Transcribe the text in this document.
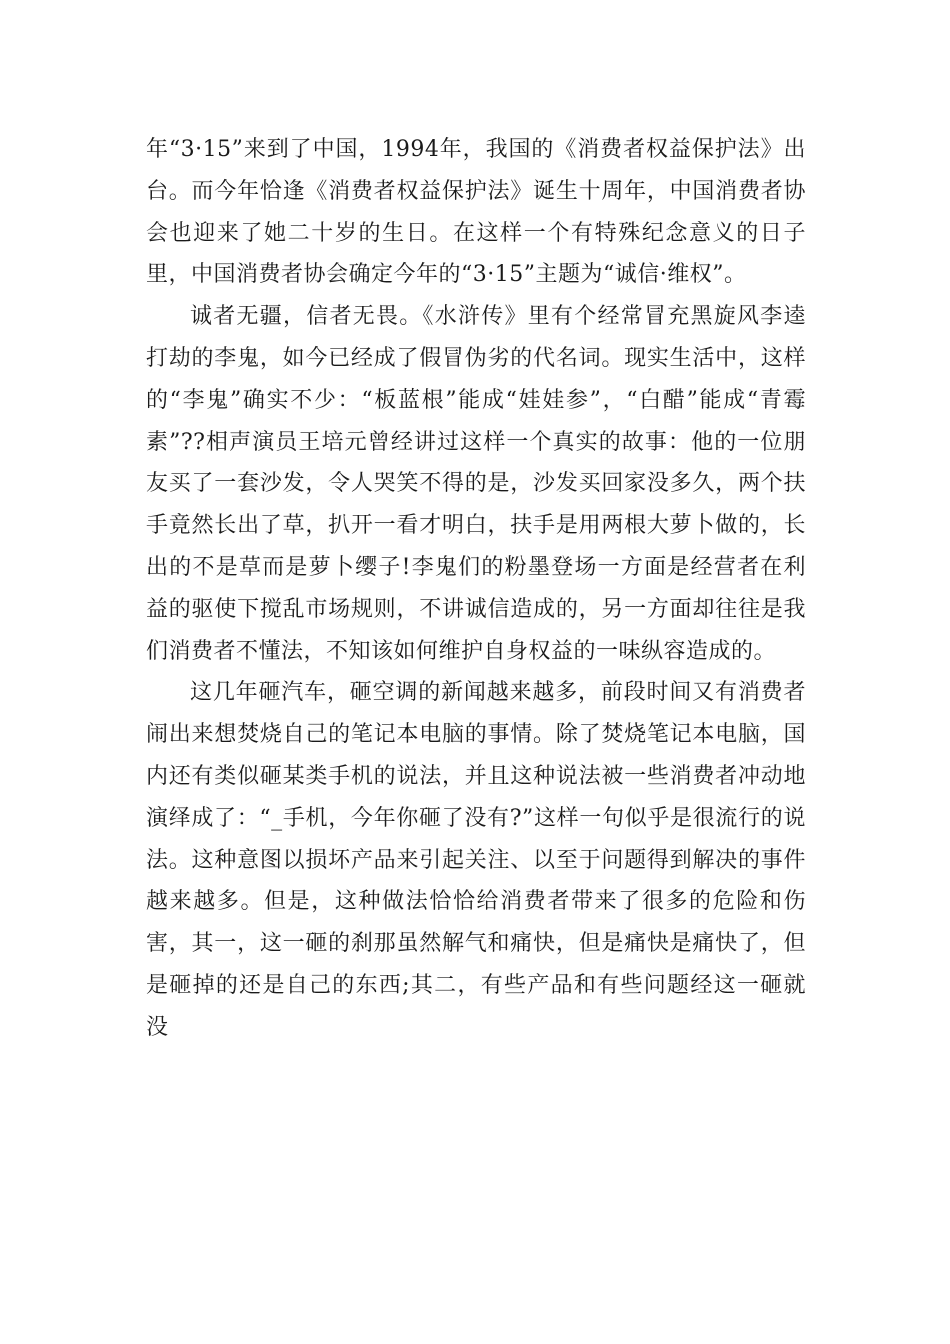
年“3·15”来到了中国，1994年，我国的《消费者权益保护法》出台。而今年恰逢《消费者权益保护法》诞生十周年，中国消费者协会也迎来了她二十岁的生日。在这样一个有特殊纪念意义的日子里，中国消费者协会确定今年的“3·15”主题为“诚信·维权”。

诚者无疆，信者无畏。《水浒传》里有个经常冒充黑旋风李逵打劫的李鬼，如今已经成了假冒伪劣的代名词。现实生活中，这样的“李鬼”确实不少：“板蓝根”能成“娃娃参”，“白醋”能成“青霉素”??相声演员王培元曾经讲过这样一个真实的故事：他的一位朋友买了一套沙发，令人哭笑不得的是，沙发买回家没多久，两个扶手竟然长出了草，扒开一看才明白，扶手是用两根大萝卜做的，长出的不是草而是萝卜缨子!李鬼们的粉墨登场一方面是经营者在利益的驱使下搅乱市场规则，不讲诚信造成的，另一方面却往往是我们消费者不懂法，不知该如何维护自身权益的一味纵容造成的。

这几年砸汽车，砸空调的新闻越来越多，前段时间又有消费者闹出来想焚烧自己的笔记本电脑的事情。除了焚烧笔记本电脑，国内还有类似砸某类手机的说法，并且这种说法被一些消费者冲动地演绎成了：“_手机，今年你砸了没有?”这样一句似乎是很流行的说法。这种意图以损坏产品来引起关注、以至于问题得到解决的事件越来越多。但是，这种做法恰恰给消费者带来了很多的危险和伤害，其一，这一砸的刹那虽然解气和痛快，但是痛快是痛快了，但是砸掉的还是自己的东西;其二，有些产品和有些问题经这一砸就没
